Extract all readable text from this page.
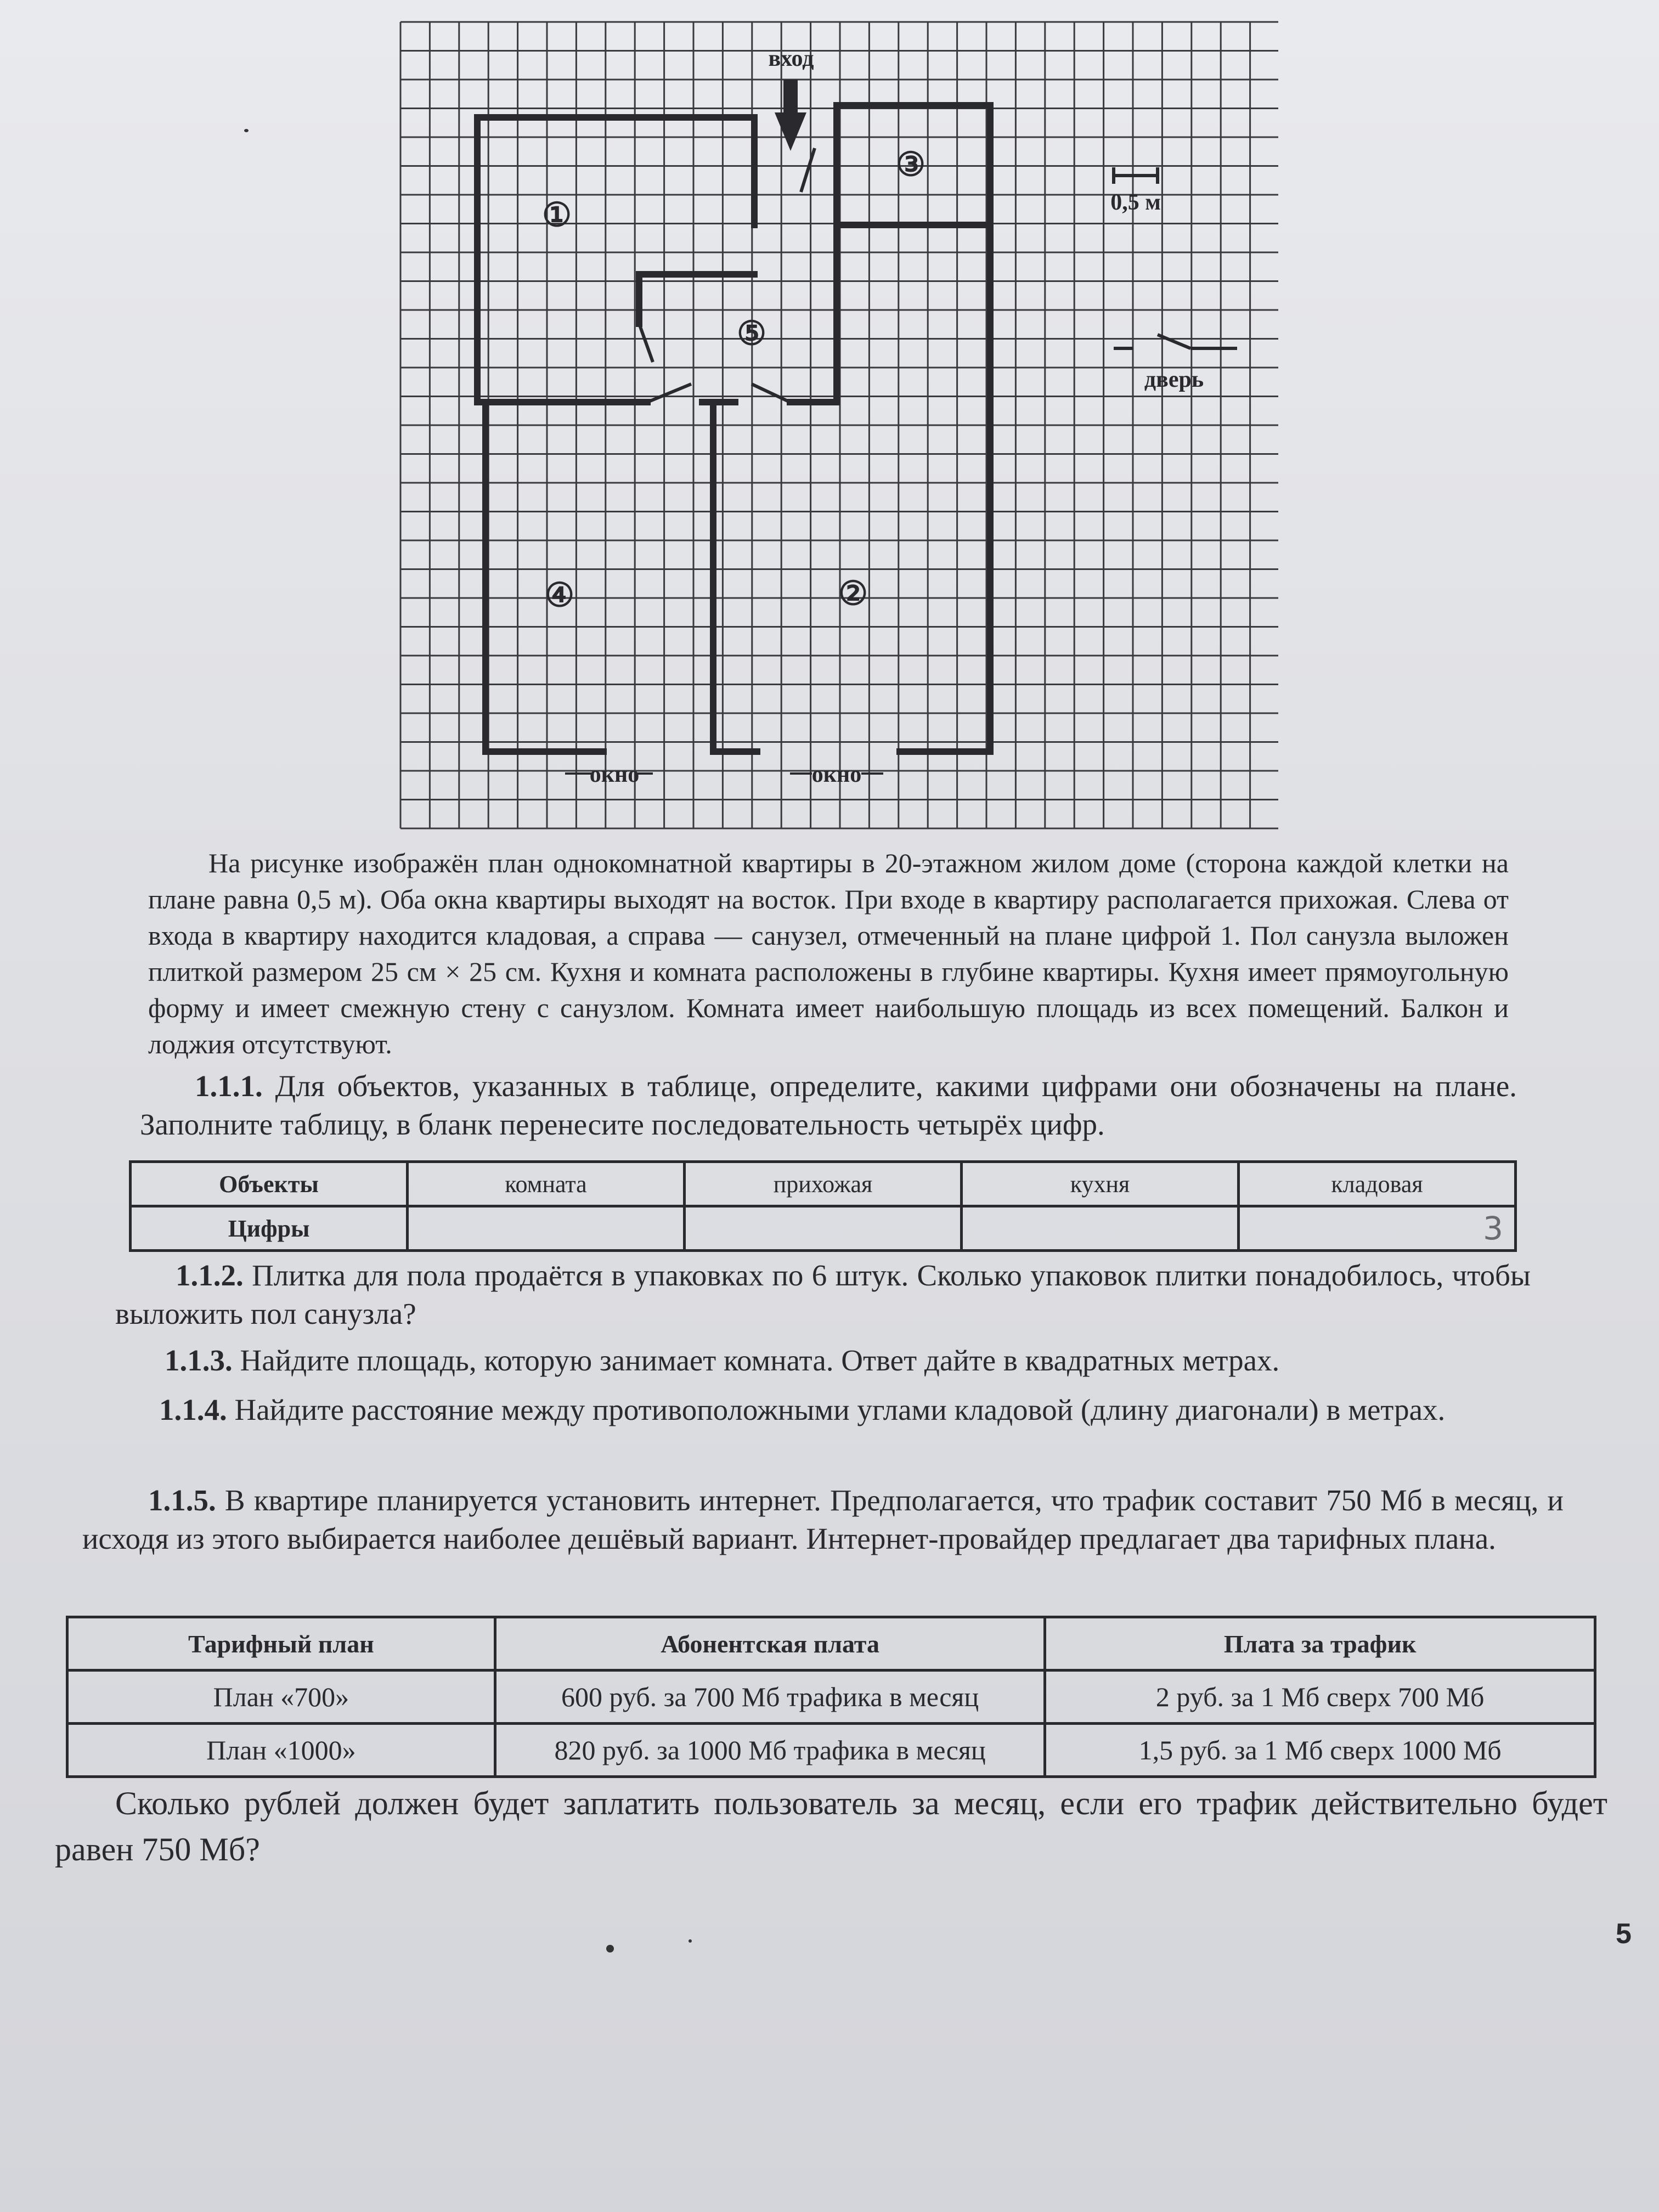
вход
0,5 м
дверь
окно	окно
①
②
③
④
⑤
На рисунке изображён план однокомнатной квартиры в 20-этажном жилом доме (сторона каждой клетки на плане равна 0,5 м). Оба окна квартиры выходят на восток. При входе в квартиру располагается прихожая. Слева от входа в квартиру находится кладовая, а справа — санузел, отмеченный на плане цифрой 1. Пол санузла выложен плиткой размером 25 см × 25 см. Кухня и комната расположены в глубине квартиры. Кухня имеет прямоугольную форму и имеет смежную стену с санузлом. Комната имеет наибольшую площадь из всех помещений. Балкон и лоджия отсутствуют.
1.1.1. Для объектов, указанных в таблице, определите, какими цифрами они обозначены на плане. Заполните таблицу, в бланк перенесите последовательность четырёх цифр.
Объекты	комната	прихожая	кухня	кладовая
Цифры				3
1.1.2. Плитка для пола продаётся в упаковках по 6 штук. Сколько упаковок плитки понадобилось, чтобы выложить пол санузла?
1.1.3. Найдите площадь, которую занимает комната. Ответ дайте в квадратных метрах.
1.1.4. Найдите расстояние между противоположными углами кладовой (длину диагонали) в метрах.
1.1.5. В квартире планируется установить интернет. Предполагается, что трафик составит 750 Мб в месяц, и исходя из этого выбирается наиболее дешёвый вариант. Интернет-провайдер предлагает два тарифных плана.
Тарифный план	Абонентская плата	Плата за трафик
План «700»	600 руб. за 700 Мб трафика в месяц	2 руб. за 1 Мб сверх 700 Мб
План «1000»	820 руб. за 1000 Мб трафика в месяц	1,5 руб. за 1 Мб сверх 1000 Мб
Сколько рублей должен будет заплатить пользователь за месяц, если его трафик действительно будет равен 750 Мб?
5
